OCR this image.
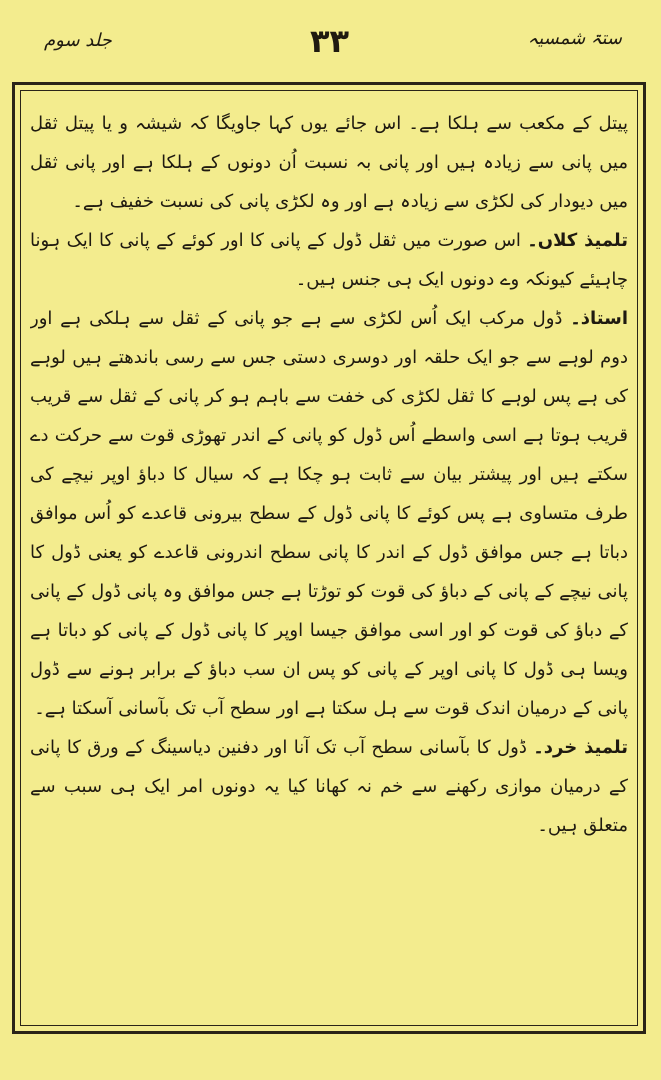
جلد سوم	۳۳	ستۃ شمسیہ

پیتل کے مکعب سے ہلکا ہے۔ اس جائے یوں کہا جاویگا کہ شیشہ و یا پیتل ثقل میں پانی سے زیادہ ہیں اور پانی بہ نسبت اُن دونوں کے ہلکا ہے اور پانی ثقل میں دیودار کی لکڑی سے زیادہ ہے اور وہ لکڑی پانی کی نسبت خفیف ہے۔

تلمیذ کلاں۔ اس صورت میں ثقل ڈول کے پانی کا اور کوئے کے پانی کا ایک ہونا چاہیئے کیونکہ وے دونوں ایک ہی جنس ہیں۔

استاذ۔ ڈول مرکب ایک اُس لکڑی سے ہے جو پانی کے ثقل سے ہلکی ہے اور دوم لوہے سے جو ایک حلقہ اور دوسری دستی جس سے رسی باندھتے ہیں لوہے کی ہے پس لوہے کا ثقل لکڑی کی خفت سے باہم ہو کر پانی کے ثقل سے قریب قریب ہوتا ہے اسی واسطے اُس ڈول کو پانی کے اندر تھوڑی قوت سے حرکت دے سکتے ہیں اور پیشتر بیان سے ثابت ہو چکا ہے کہ سیال کا دباؤ اوپر نیچے کی طرف متساوی ہے پس کوئے کا پانی ڈول کے سطح بیرونی قاعدے کو اُس موافق دباتا ہے جس موافق ڈول کے اندر کا پانی سطح اندرونی قاعدے کو یعنی ڈول کا پانی نیچے کے پانی کے دباؤ کی قوت کو توڑتا ہے جس موافق وہ پانی ڈول کے پانی کے دباؤ کی قوت کو اور اسی موافق جیسا اوپر کا پانی ڈول کے پانی کو دباتا ہے ویسا ہی ڈول کا پانی اوپر کے پانی کو پس ان سب دباؤ کے برابر ہونے سے ڈول پانی کے درمیان اندک قوت سے ہل سکتا ہے اور سطح آب تک بآسانی آسکتا ہے۔

تلمیذ خرد۔ ڈول کا بآسانی سطح آب تک آنا اور دفنین دیاسینگ کے ورق کا پانی کے درمیان موازی رکھنے سے خم نہ کھانا کیا یہ دونوں امر ایک ہی سبب سے متعلق ہیں۔
